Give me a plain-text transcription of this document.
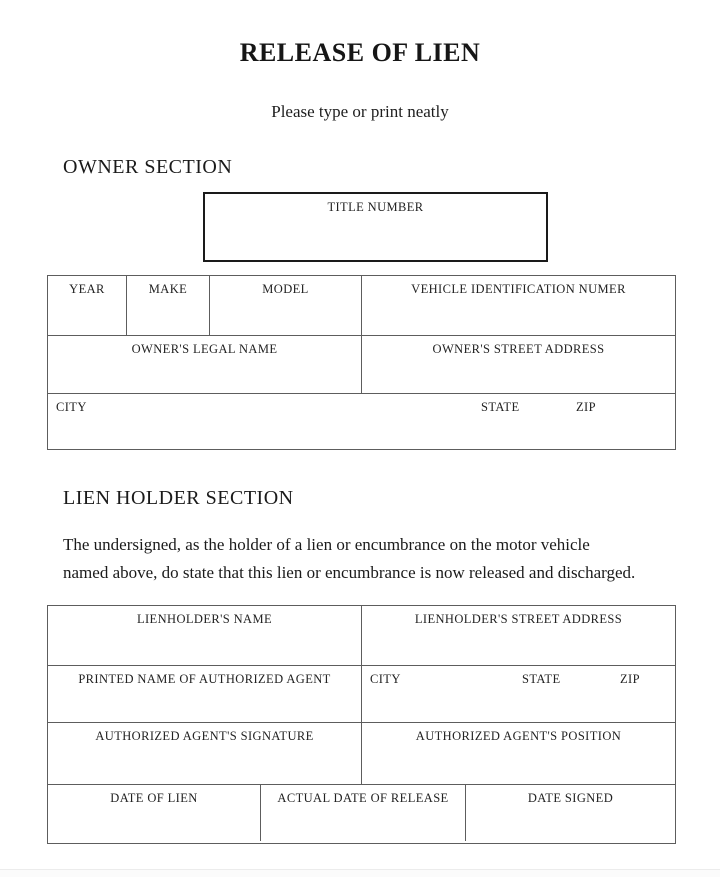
RELEASE OF LIEN
Please type or print neatly
OWNER SECTION
TITLE NUMBER
YEAR	MAKE	MODEL	VEHICLE IDENTIFICATION NUMER
OWNER'S LEGAL NAME	OWNER'S STREET ADDRESS
CITY	STATE	ZIP
LIEN HOLDER SECTION
The undersigned, as the holder of a lien or encumbrance on the motor vehicle
named above, do state that this lien or encumbrance is now released and discharged.
LIENHOLDER'S NAME	LIENHOLDER'S STREET ADDRESS
PRINTED NAME OF AUTHORIZED AGENT	CITY	STATE	ZIP
AUTHORIZED AGENT'S SIGNATURE	AUTHORIZED AGENT'S POSITION
DATE OF LIEN	ACTUAL DATE OF RELEASE	DATE SIGNED
